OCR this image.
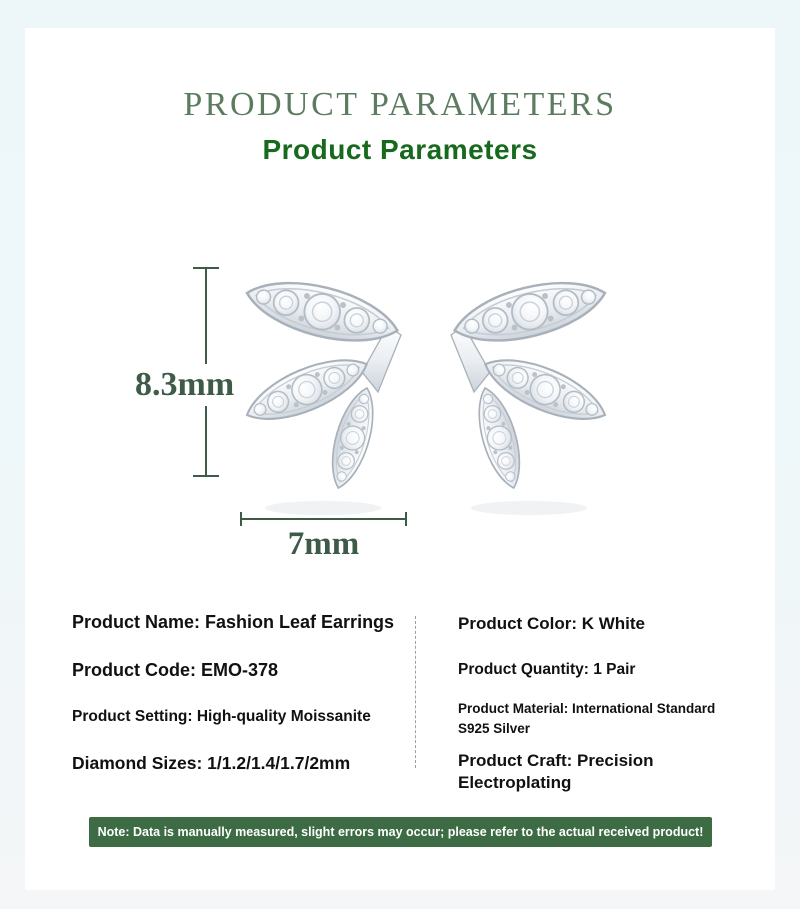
PRODUCT PARAMETERS
Product Parameters
8.3mm
7mm
Product Name: Fashion Leaf Earrings
Product Code: EMO-378
Product Setting: High-quality Moissanite
Diamond Sizes: 1/1.2/1.4/1.7/2mm
Product Color: K White
Product Quantity: 1 Pair
Product Material: International Standard S925 Silver
Product Craft: Precision Electroplating
Note: Data is manually measured, slight errors may occur; please refer to the actual received product!
